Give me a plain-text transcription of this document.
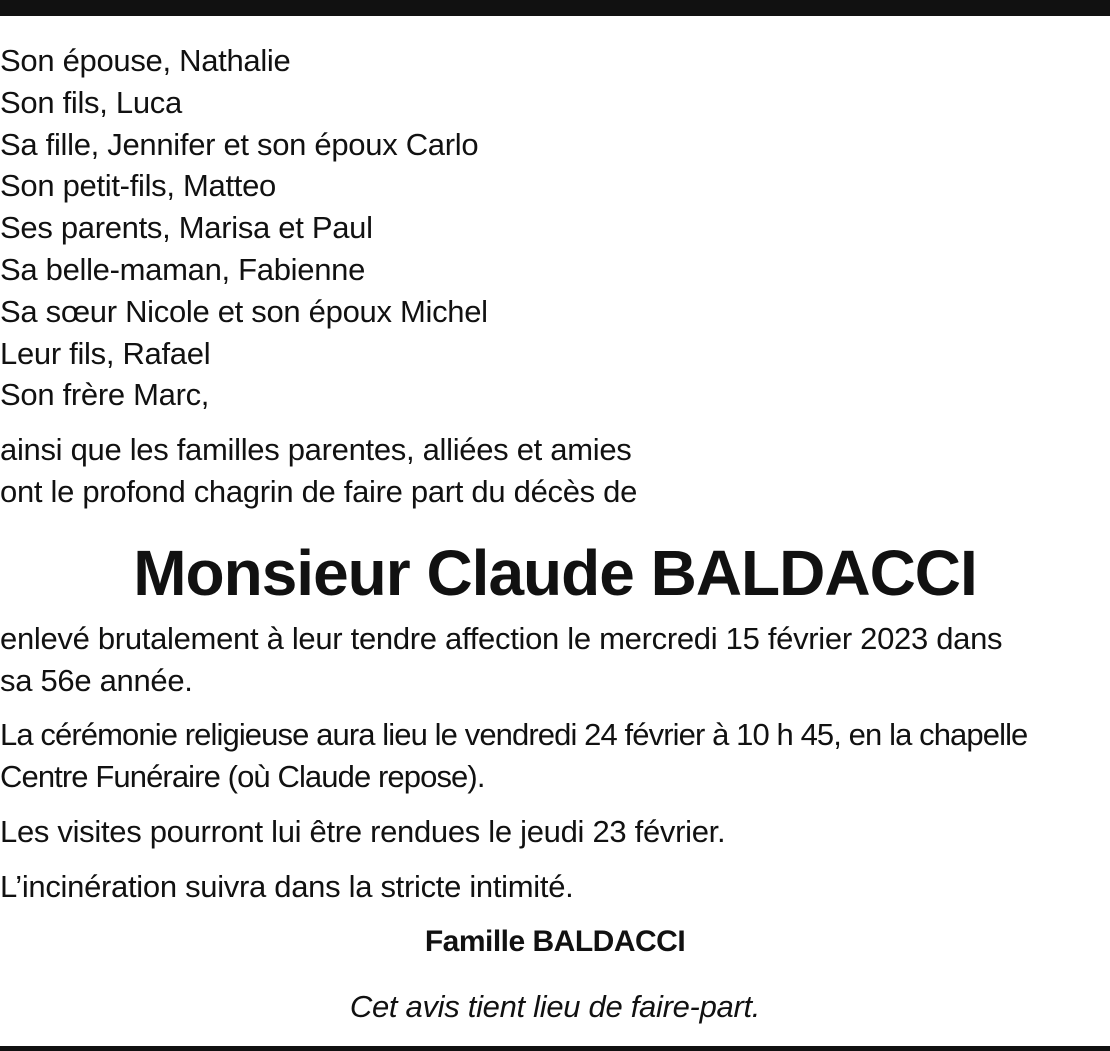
Son épouse, Nathalie
Son fils, Luca
Sa fille, Jennifer et son époux Carlo
Son petit-fils, Matteo
Ses parents, Marisa et Paul
Sa belle-maman, Fabienne
Sa sœur Nicole et son époux Michel
Leur fils, Rafael
Son frère Marc,
ainsi que les familles parentes, alliées et amies
ont le profond chagrin de faire part du décès de
Monsieur Claude BALDACCI
enlevé brutalement à leur tendre affection le mercredi 15 février 2023 dans
sa 56e année.
La cérémonie religieuse aura lieu le vendredi 24 février à 10 h 45, en la chapelle
Centre Funéraire (où Claude repose).
Les visites pourront lui être rendues le jeudi 23 février.
L’incinération suivra dans la stricte intimité.
Famille BALDACCI
Cet avis tient lieu de faire-part.
